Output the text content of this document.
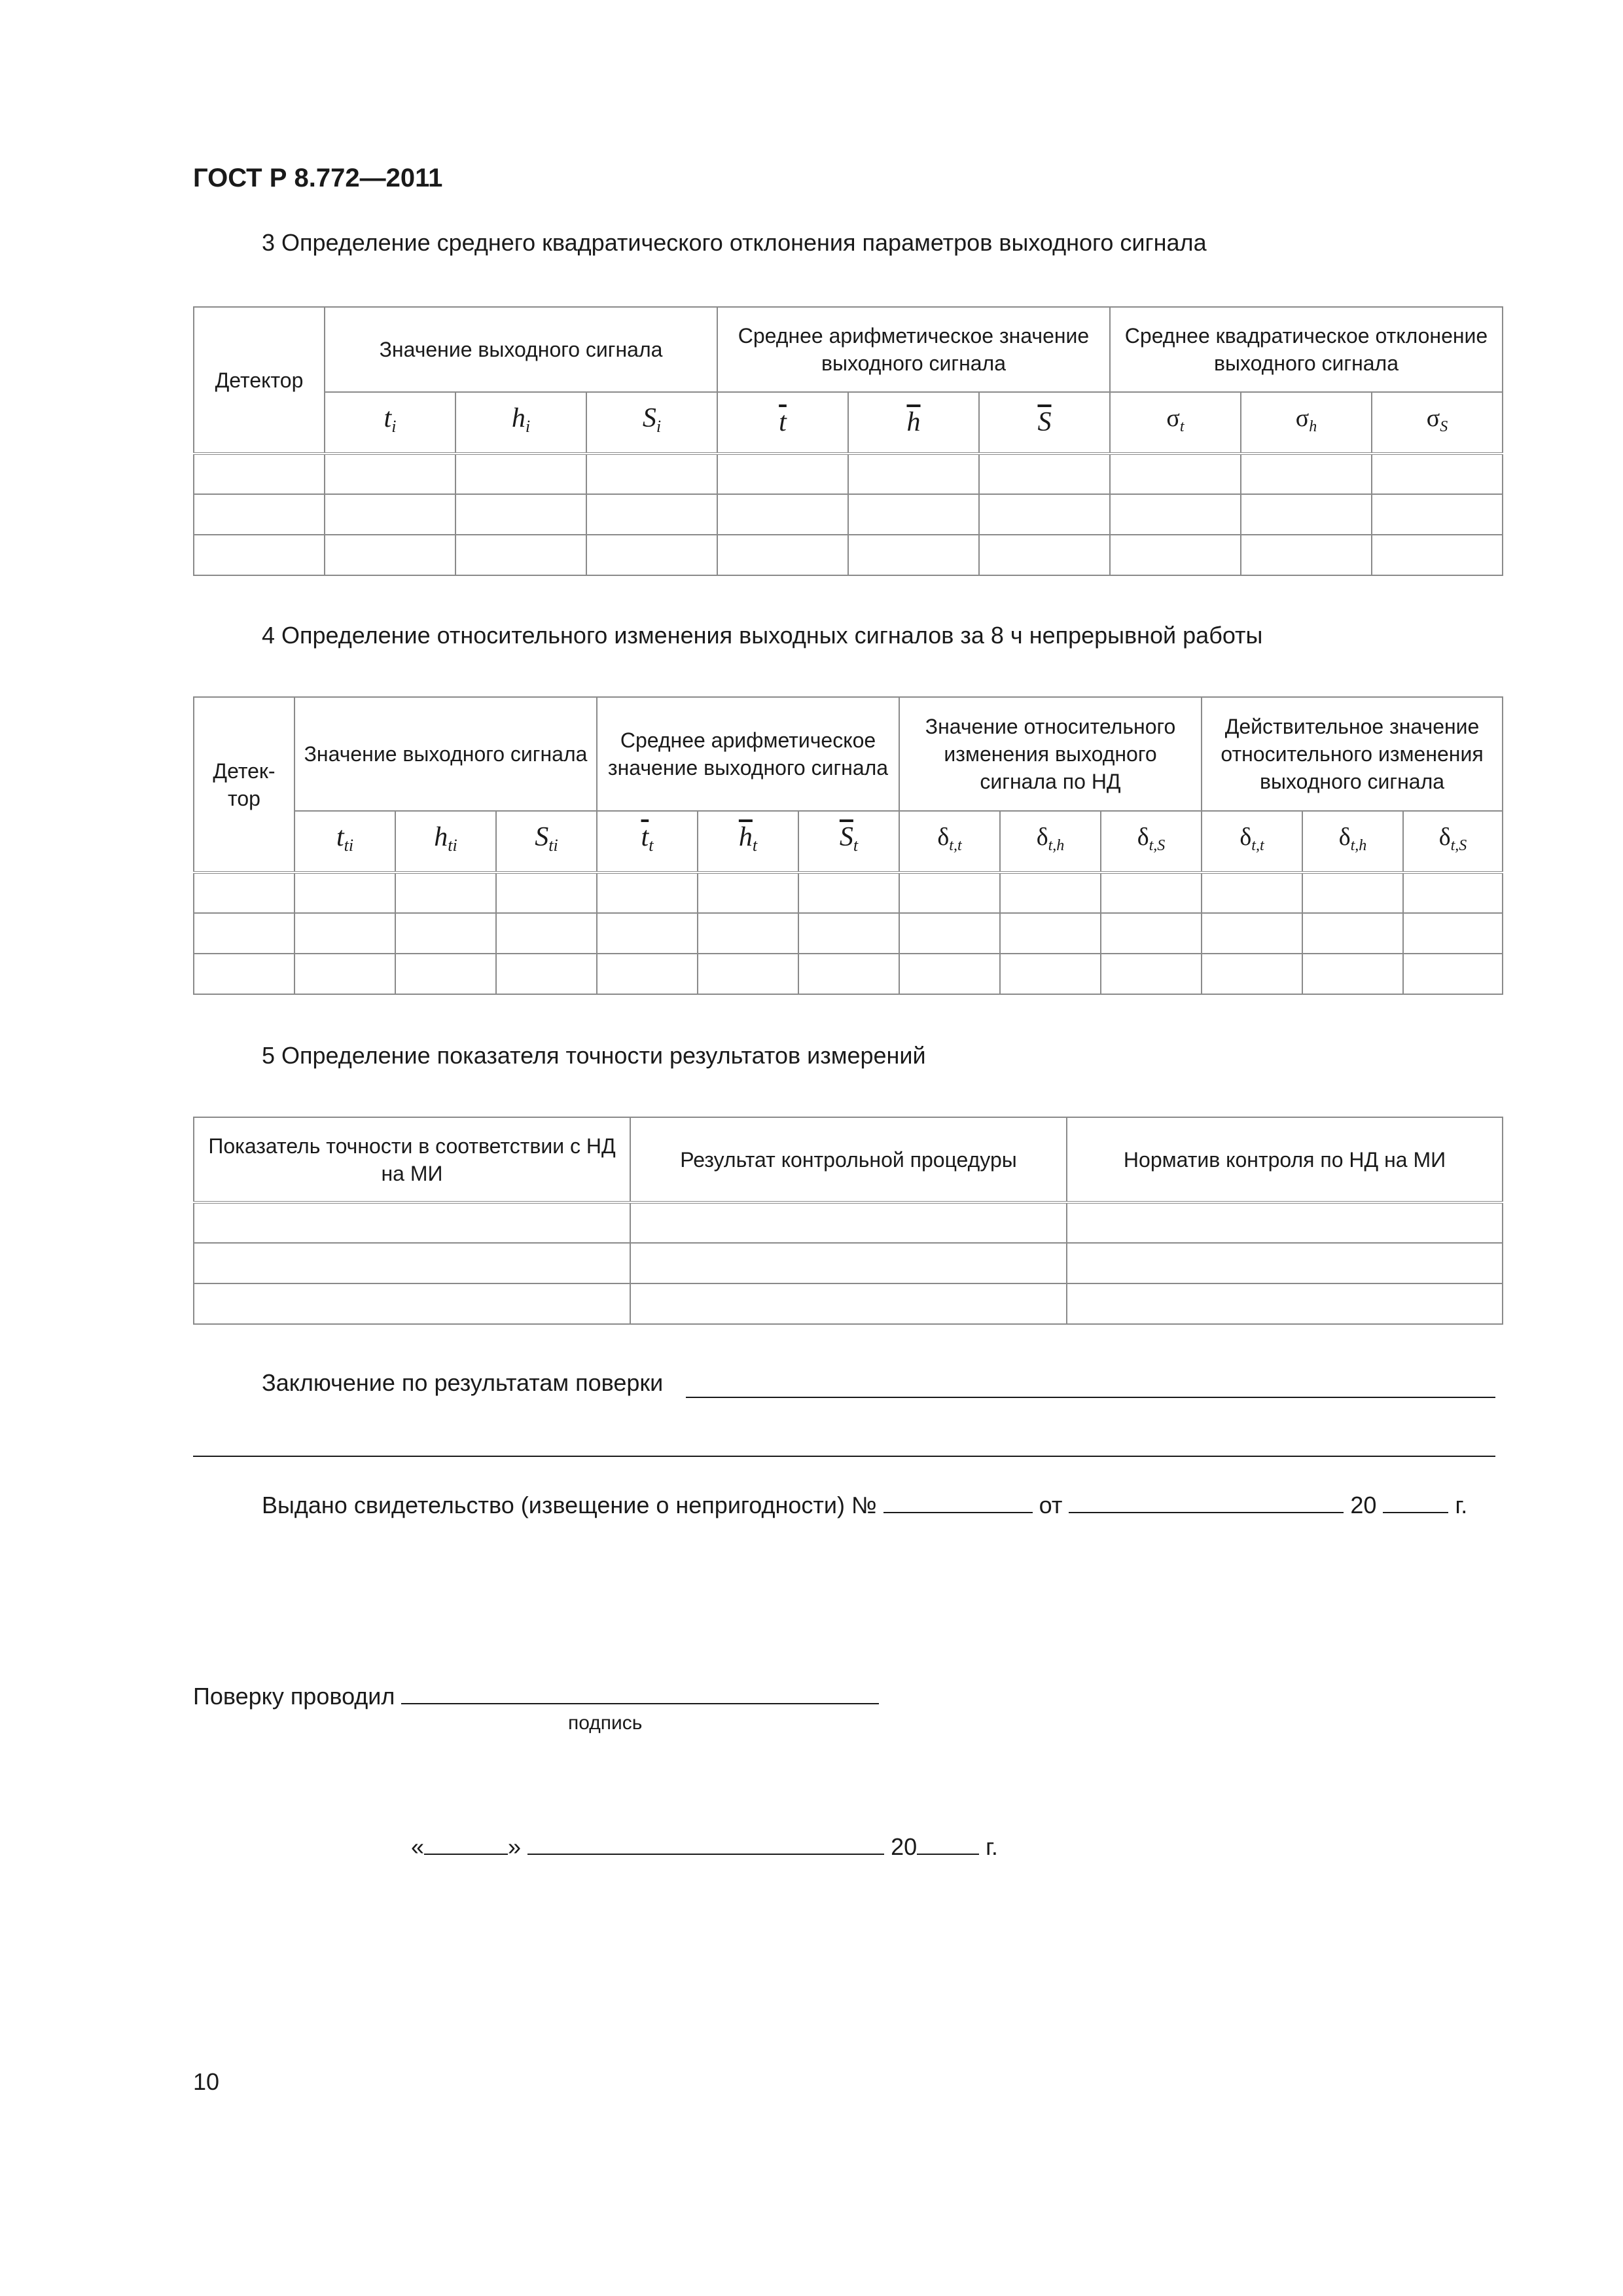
ГОСТ Р 8.772—2011
3 Определение среднего квадратического отклонения параметров выходного сигнала
Детектор	Значение выходного сигнала			Среднее арифметическое значение выходного сигнала			Среднее квадратическое отклонение выходного сигнала		
	$t_i$	$h_i$	$S_i$	$\overline{t}$	$\overline{h}$	$\overline{S}$	$\sigma_t$	$\sigma_h$	$\sigma_S$

4 Определение относительного изменения выходных сигналов за 8 ч непрерывной работы
Детек-тор	Значение выходного сигнала			Среднее арифметическое значение выходного сигнала			Значение относительного изменения выходного сигнала по НД			Действительное значение относительного изменения выходного сигнала		
	$t_{ti}$	$h_{ti}$	$S_{ti}$	$\overline{t}_t$	$\overline{h}_t$	$\overline{S}_t$	$\delta_{t,t}$	$\delta_{t,h}$	$\delta_{t,S}$	$\delta_{t,t}$	$\delta_{t,h}$	$\delta_{t,S}$

5 Определение показателя точности результатов измерений
Показатель точности в соответствии с НД на МИ	Результат контрольной процедуры	Норматив контроля по НД на МИ

Заключение по результатам поверки
Выдано свидетельство (извещение о непригодности) №	от	20	г.
Поверку проводил
подпись
«	»	20	г.
10
